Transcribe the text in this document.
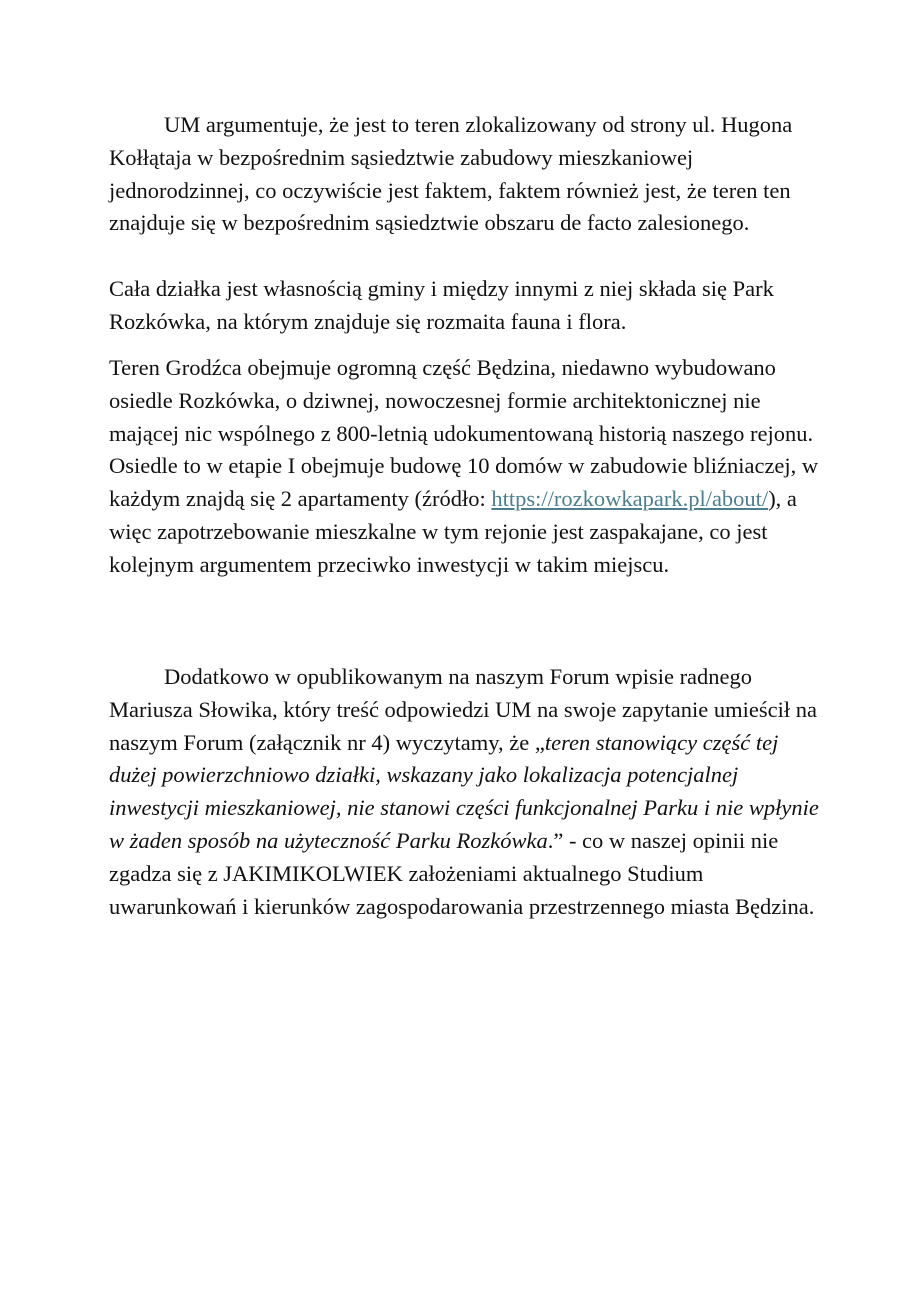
UM argumentuje, że jest to teren zlokalizowany od strony ul. Hugona Kołłątaja w bezpośrednim sąsiedztwie zabudowy mieszkaniowej jednorodzinnej, co oczywiście jest faktem, faktem również jest, że teren ten znajduje się w bezpośrednim sąsiedztwie obszaru de facto zalesionego.

Cała działka jest własnością gminy i między innymi z niej składa się Park Rozkówka, na którym znajduje się rozmaita fauna i flora.

Teren Grodźca obejmuje ogromną część Będzina, niedawno wybudowano osiedle Rozkówka, o dziwnej, nowoczesnej formie architektonicznej nie mającej nic wspólnego z 800-letnią udokumentowaną historią naszego rejonu. Osiedle to w etapie I obejmuje budowę 10 domów w zabudowie bliźniaczej, w każdym znajdą się 2 apartamenty (źródło: https://rozkowkapark.pl/about/), a więc zapotrzebowanie mieszkalne w tym rejonie jest zaspakajane, co jest kolejnym argumentem przeciwko inwestycji w takim miejscu.

Dodatkowo w opublikowanym na naszym Forum wpisie radnego Mariusza Słowika, który treść odpowiedzi UM na swoje zapytanie umieścił na naszym Forum (załącznik nr 4) wyczytamy, że „teren stanowiący część tej dużej powierzchniowo działki, wskazany jako lokalizacja potencjalnej inwestycji mieszkaniowej, nie stanowi części funkcjonalnej Parku i nie wpłynie w żaden sposób na użyteczność Parku Rozkówka.” - co w naszej opinii nie zgadza się z JAKIMIKOLWIEK założeniami aktualnego Studium uwarunkowań i kierunków zagospodarowania przestrzennego miasta Będzina.
